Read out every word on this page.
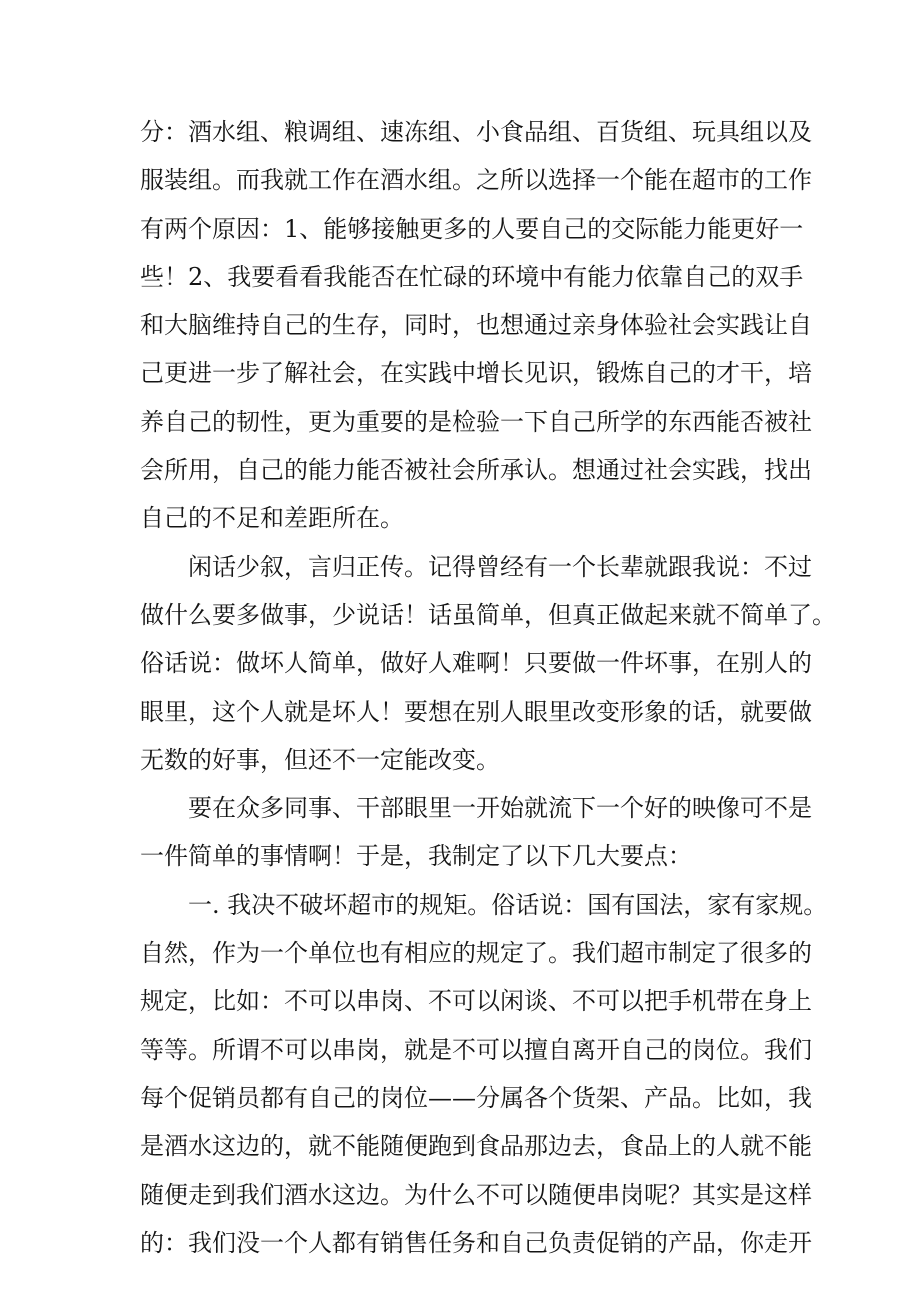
分：酒水组、粮调组、速冻组、小食品组、百货组、玩具组以及
服装组。而我就工作在酒水组。之所以选择一个能在超市的工作
有两个原因：1、能够接触更多的人要自己的交际能力能更好一
些！2、我要看看我能否在忙碌的环境中有能力依靠自己的双手
和大脑维持自己的生存，同时，也想通过亲身体验社会实践让自
己更进一步了解社会，在实践中增长见识，锻炼自己的才干，培
养自己的韧性，更为重要的是检验一下自己所学的东西能否被社
会所用，自己的能力能否被社会所承认。想通过社会实践，找出
自己的不足和差距所在。
闲话少叙，言归正传。记得曾经有一个长辈就跟我说：不过
做什么要多做事，少说话！话虽简单，但真正做起来就不简单了。
俗话说：做坏人简单，做好人难啊！只要做一件坏事，在别人的
眼里，这个人就是坏人！要想在别人眼里改变形象的话，就要做
无数的好事，但还不一定能改变。
要在众多同事、干部眼里一开始就流下一个好的映像可不是
一件简单的事情啊！于是，我制定了以下几大要点：
一. 我决不破坏超市的规矩。俗话说：国有国法，家有家规。
自然，作为一个单位也有相应的规定了。我们超市制定了很多的
规定，比如：不可以串岗、不可以闲谈、不可以把手机带在身上
等等。所谓不可以串岗，就是不可以擅自离开自己的岗位。我们
每个促销员都有自己的岗位——分属各个货架、产品。比如，我
是酒水这边的，就不能随便跑到食品那边去，食品上的人就不能
随便走到我们酒水这边。为什么不可以随便串岗呢？其实是这样
的：我们没一个人都有销售任务和自己负责促销的产品，你走开
